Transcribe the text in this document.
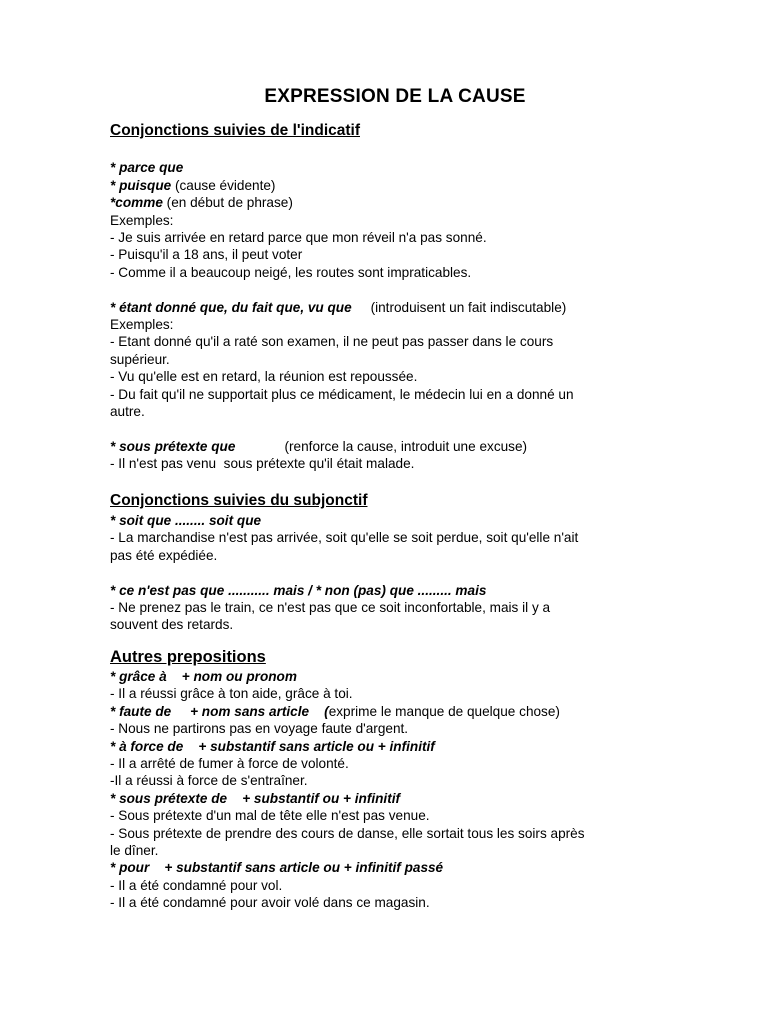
EXPRESSION DE LA CAUSE

Conjonctions suivies de l'indicatif

* parce que

* puisque (cause évidente)

*comme (en début de phrase)

Exemples:

- Je suis arrivée en retard parce que mon réveil n'a pas sonné.

- Puisqu'il a 18 ans, il peut voter

- Comme il a beaucoup neigé, les routes sont impraticables.

* étant donné que, du fait que, vu que     (introduisent un fait indiscutable)

Exemples:

- Etant donné qu'il a raté son examen, il ne peut pas passer dans le cours

supérieur.

- Vu qu'elle est en retard, la réunion est repoussée.

- Du fait qu'il ne supportait plus ce médicament, le médecin lui en a donné un

autre.

* sous prétexte que             (renforce la cause, introduit une excuse)

- Il n'est pas venu  sous prétexte qu'il était malade.

Conjonctions suivies du subjonctif

* soit que ........ soit que

- La marchandise n'est pas arrivée, soit qu'elle se soit perdue, soit qu'elle n'ait

pas été expédiée.

* ce n'est pas que ........... mais / * non (pas) que ......... mais

- Ne prenez pas le train, ce n'est pas que ce soit inconfortable, mais il y a

souvent des retards.

Autres prepositions

* grâce à    + nom ou pronom

- Il a réussi grâce à ton aide, grâce à toi.

* faute de     + nom sans article    (exprime le manque de quelque chose)

- Nous ne partirons pas en voyage faute d'argent.

* à force de    + substantif sans article ou + infinitif

- Il a arrêté de fumer à force de volonté.

-Il a réussi à force de s'entraîner.

* sous prétexte de    + substantif ou + infinitif

- Sous prétexte d'un mal de tête elle n'est pas venue.

- Sous prétexte de prendre des cours de danse, elle sortait tous les soirs après

le dîner.

* pour    + substantif sans article ou + infinitif passé

- Il a été condamné pour vol.

- Il a été condamné pour avoir volé dans ce magasin.
